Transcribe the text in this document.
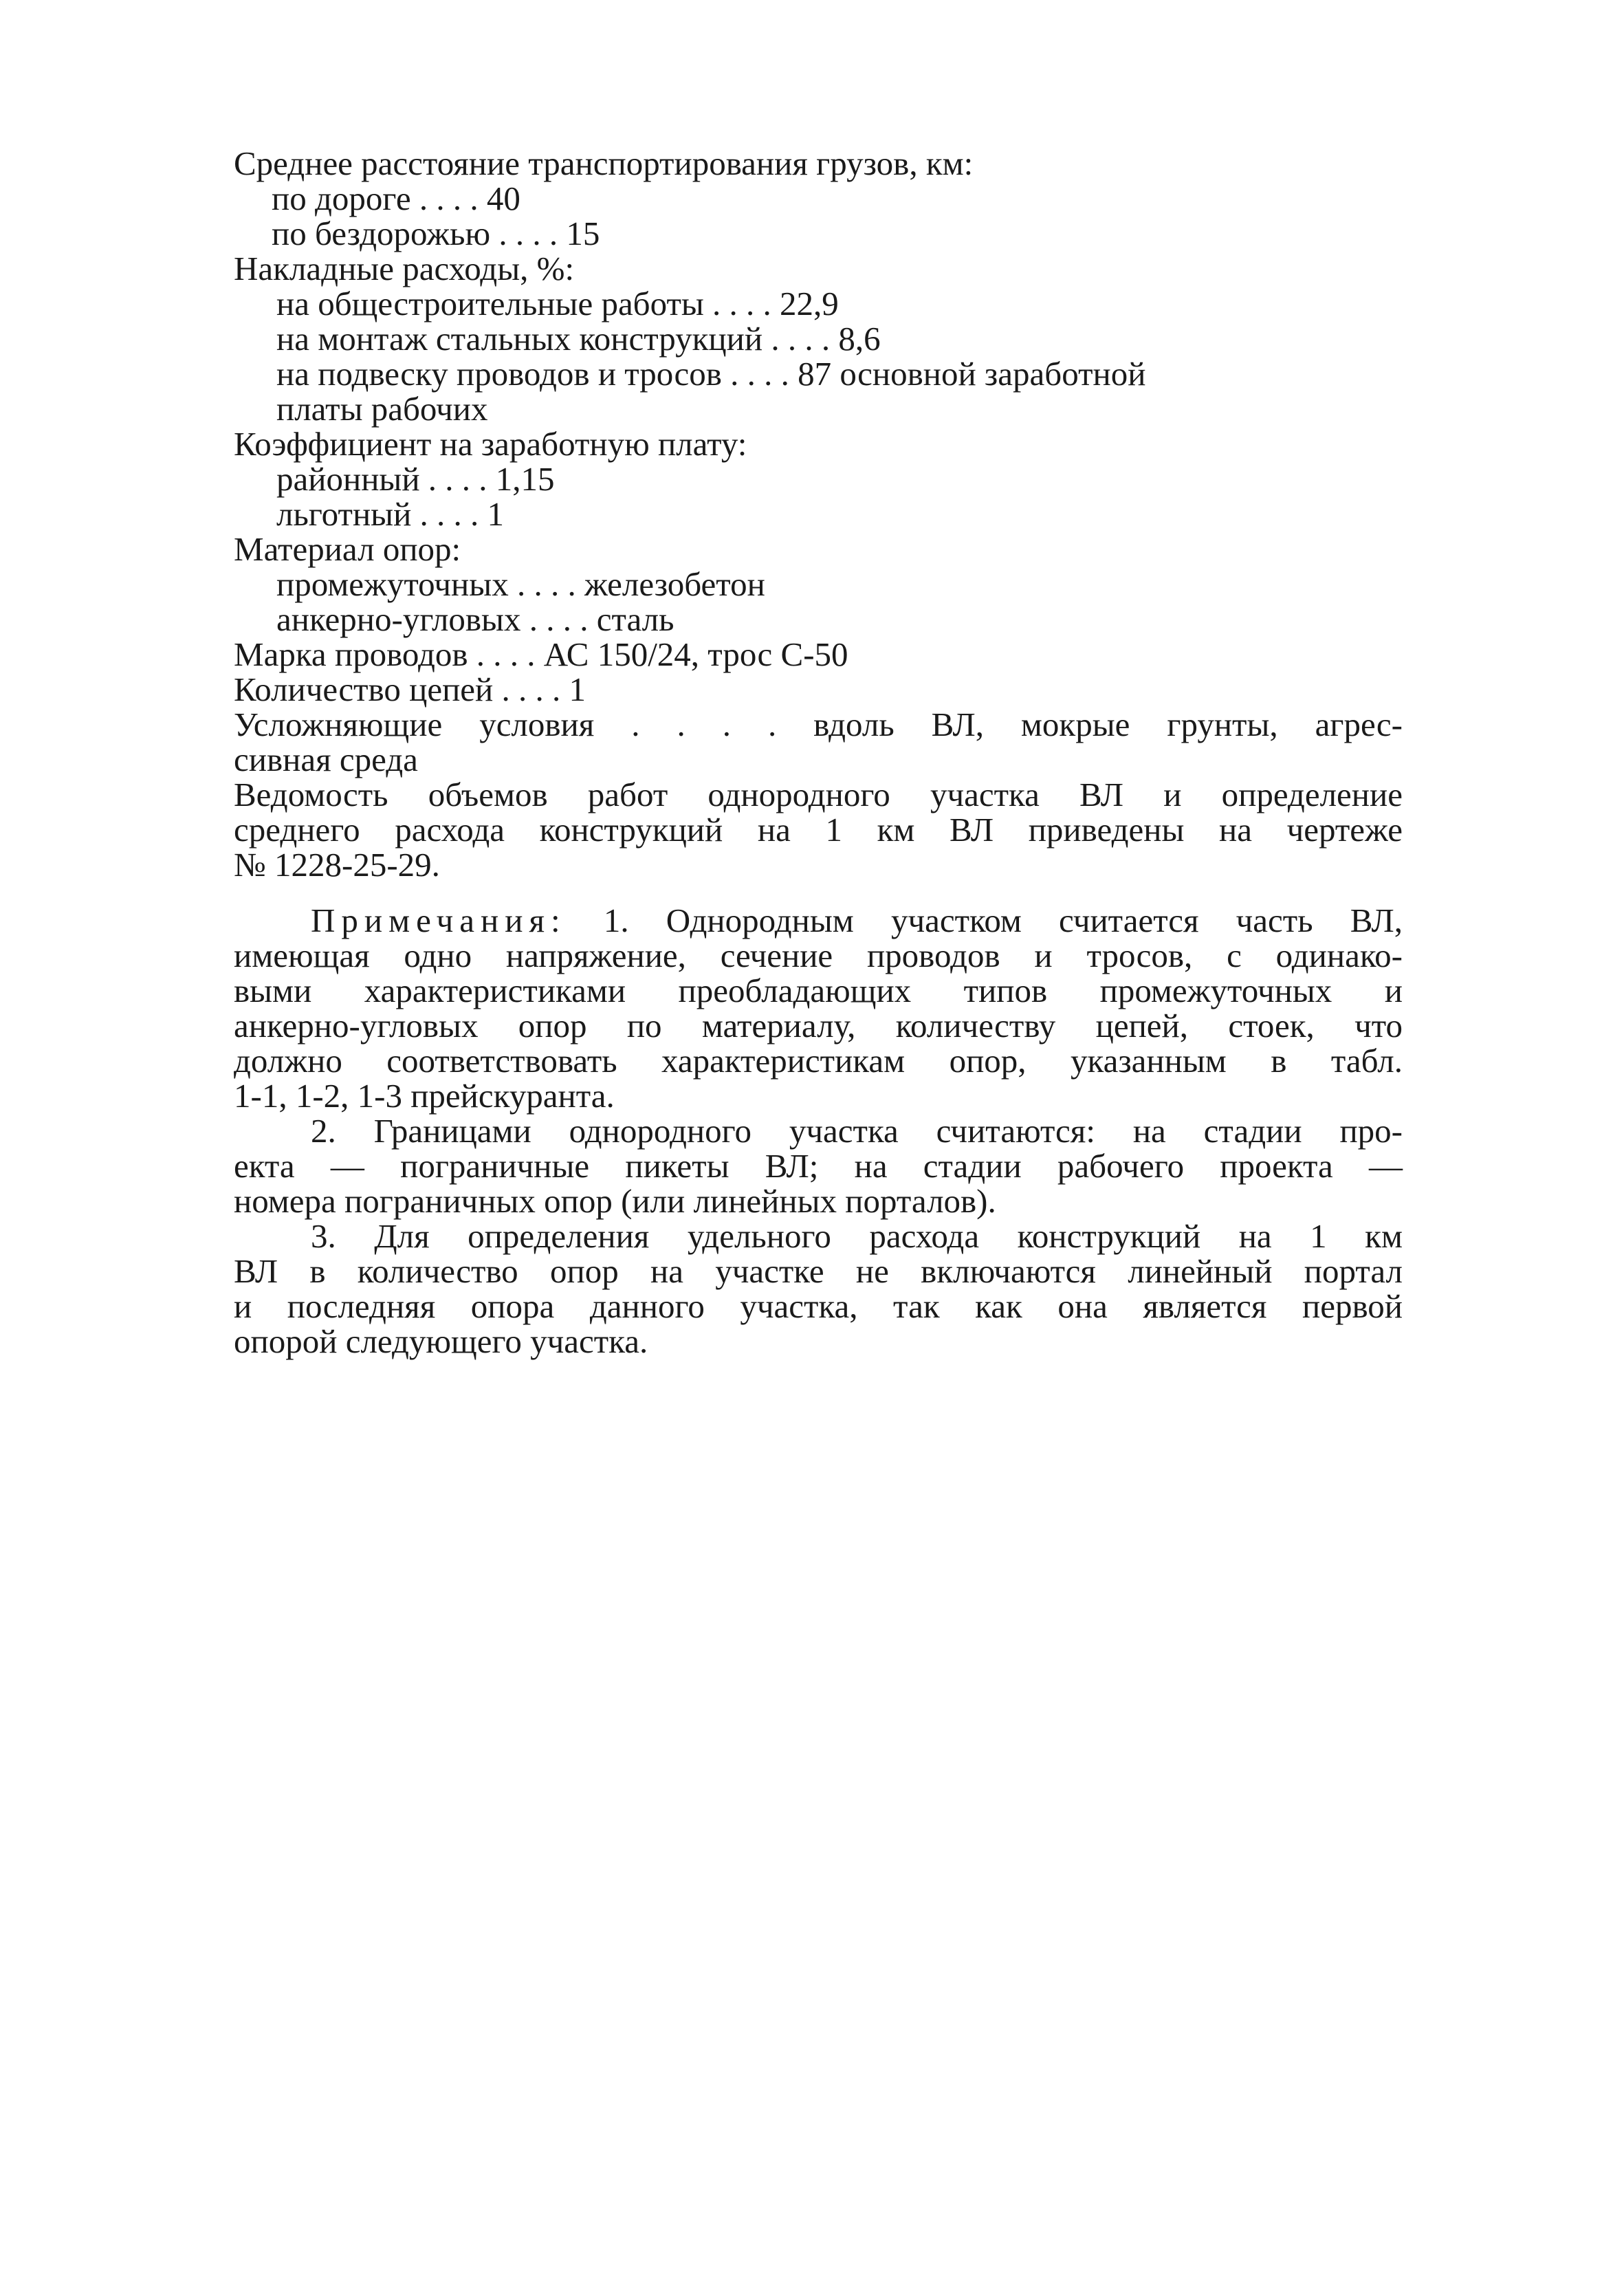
Среднее расстояние транспортирования грузов, км:
по дороге . . . . 40
по бездорожью . . . . 15
Накладные расходы, %:
на общестроительные работы . . . . 22,9
на монтаж стальных конструкций . . . . 8,6
на подвеску проводов и тросов . . . . 87 основной заработной
платы рабочих
Коэффициент на заработную плату:
районный . . . . 1,15
льготный . . . . 1
Материал опор:
промежуточных . . . . железобетон
анкерно-угловых . . . . сталь
Марка проводов . . . . АС 150/24, трос С-50
Количество цепей . . . . 1
Усложняющие условия . . . . вдоль ВЛ, мокрые грунты, агрес-
сивная среда
Ведомость объемов работ однородного участка ВЛ и определение
среднего расхода конструкций на 1 км ВЛ приведены на чертеже
№ 1228-25-29.
Примечания: 1. Однородным участком считается часть ВЛ,
имеющая одно напряжение, сечение проводов и тросов, с одинако-
выми характеристиками преобладающих типов промежуточных и
анкерно-угловых опор по материалу, количеству цепей, стоек, что
должно соответствовать характеристикам опор, указанным в табл.
1-1, 1-2, 1-3 прейскуранта.
2. Границами однородного участка считаются: на стадии про-
екта — пограничные пикеты ВЛ; на стадии рабочего проекта —
номера пограничных опор (или линейных порталов).
3. Для определения удельного расхода конструкций на 1 км
ВЛ в количество опор на участке не включаются линейный портал
и последняя опора данного участка, так как она является первой
опорой следующего участка.
